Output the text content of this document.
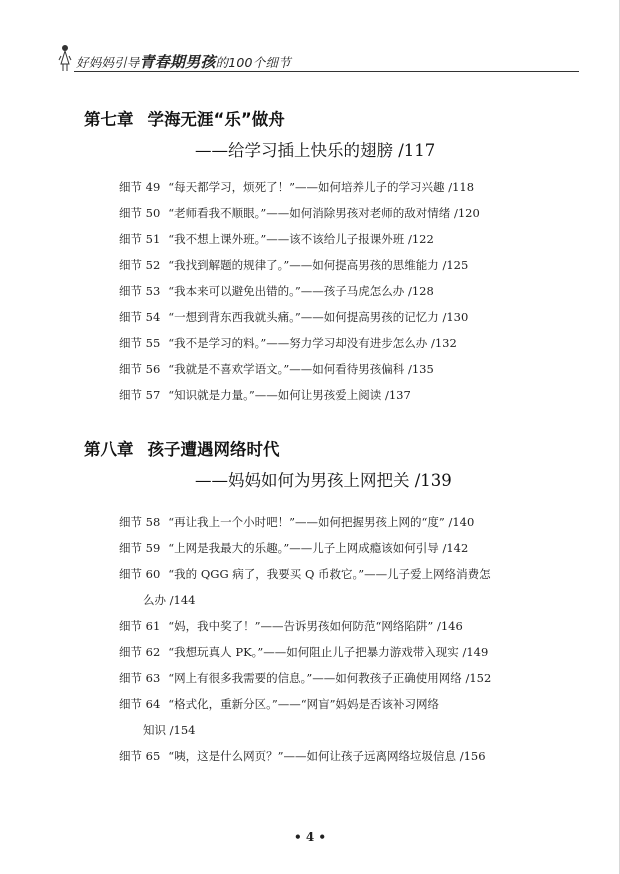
好妈妈引导青春期男孩的100个细节
第七章 学海无涯“乐”做舟
——给学习插上快乐的翅膀 /117
细节 49 “每天都学习，烦死了！”——如何培养儿子的学习兴趣 /118
细节 50 “老师看我不顺眼。”——如何消除男孩对老师的敌对情绪 /120
细节 51 “我不想上课外班。”——该不该给儿子报课外班 /122
细节 52 “我找到解题的规律了。”——如何提高男孩的思维能力 /125
细节 53 “我本来可以避免出错的。”——孩子马虎怎么办 /128
细节 54 “一想到背东西我就头痛。”——如何提高男孩的记忆力 /130
细节 55 “我不是学习的料。”——努力学习却没有进步怎么办 /132
细节 56 “我就是不喜欢学语文。”——如何看待男孩偏科 /135
细节 57 “知识就是力量。”——如何让男孩爱上阅读 /137
第八章 孩子遭遇网络时代
——妈妈如何为男孩上网把关 /139
细节 58 “再让我上一个小时吧！”——如何把握男孩上网的“度” /140
细节 59 “上网是我最大的乐趣。”——儿子上网成瘾该如何引导 /142
细节 60 “我的 QGG 病了，我要买 Q 币救它。”——儿子爱上网络消费怎
么办 /144
细节 61 “妈，我中奖了！”——告诉男孩如何防范“网络陷阱” /146
细节 62 “我想玩真人 PK。”——如何阻止儿子把暴力游戏带入现实 /149
细节 63 “网上有很多我需要的信息。”——如何教孩子正确使用网络 /152
细节 64 “格式化，重新分区。”——“网盲”妈妈是否该补习网络
知识 /154
细节 65 “咦，这是什么网页？”——如何让孩子远离网络垃圾信息 /156
• 4 •
